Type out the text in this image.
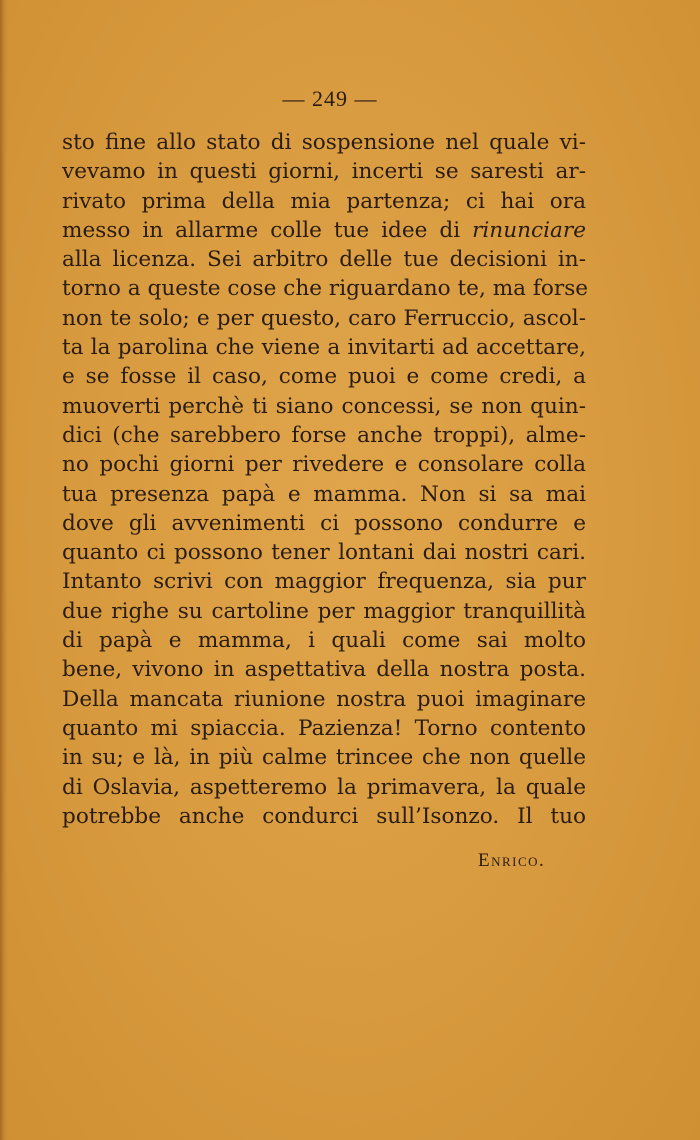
— 249 —
sto fine allo stato di sospensione nel quale vi-
vevamo in questi giorni, incerti se saresti ar-
rivato prima della mia partenza; ci hai ora
messo in allarme colle tue idee di rinunciare
alla licenza. Sei arbitro delle tue decisioni in-
torno a queste cose che riguardano te, ma forse
non te solo; e per questo, caro Ferruccio, ascol-
ta la parolina che viene a invitarti ad accettare,
e se fosse il caso, come puoi e come credi, a
muoverti perchè ti siano concessi, se non quin-
dici (che sarebbero forse anche troppi), alme-
no pochi giorni per rivedere e consolare colla
tua presenza papà e mamma. Non si sa mai
dove gli avvenimenti ci possono condurre e
quanto ci possono tener lontani dai nostri cari.
Intanto scrivi con maggior frequenza, sia pur
due righe su cartoline per maggior tranquillità
di papà e mamma, i quali come sai molto
bene, vivono in aspettativa della nostra posta.
Della mancata riunione nostra puoi imaginare
quanto mi spiaccia. Pazienza! Torno contento
in su; e là, in più calme trincee che non quelle
di Oslavia, aspetteremo la primavera, la quale
potrebbe anche condurci sull’Isonzo. Il tuo
Enrico.
